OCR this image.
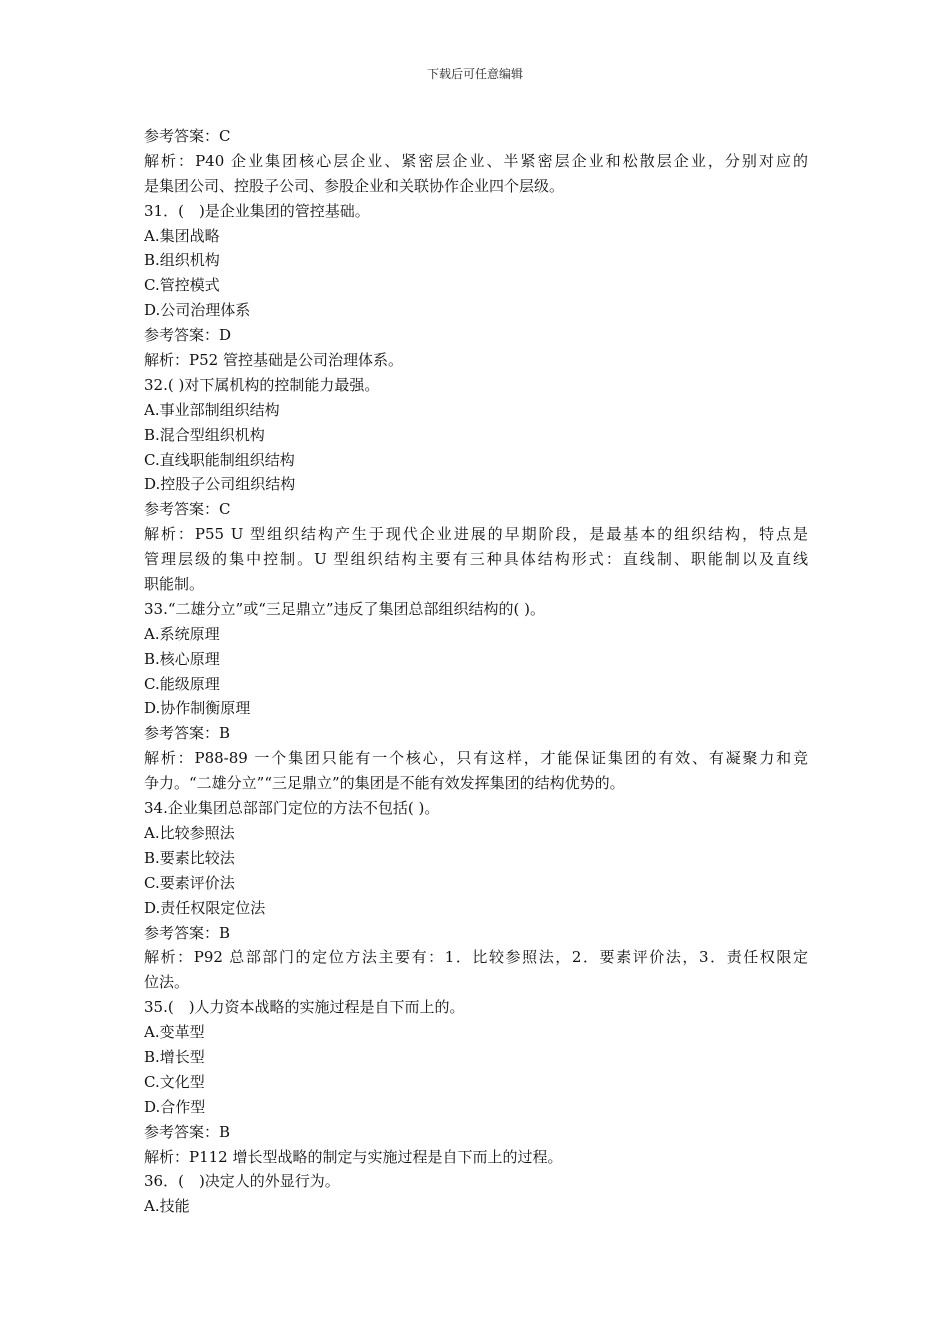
下载后可任意编辑
参考答案：C
解析：P40 企业集团核心层企业、紧密层企业、半紧密层企业和松散层企业，分别对应的
是集团公司、控股子公司、参股企业和关联协作企业四个层级。
31．(　)是企业集团的管控基础。
A.集团战略
B.组织机构
C.管控模式
D.公司治理体系
参考答案：D
解析：P52 管控基础是公司治理体系。
32.( )对下属机构的控制能力最强。
A.事业部制组织结构
B.混合型组织机构
C.直线职能制组织结构
D.控股子公司组织结构
参考答案：C
解析：P55 U 型组织结构产生于现代企业进展的早期阶段，是最基本的组织结构，特点是
管理层级的集中控制。U 型组织结构主要有三种具体结构形式：直线制、职能制以及直线
职能制。
33.“二雄分立”或“三足鼎立”违反了集团总部组织结构的( )。
A.系统原理
B.核心原理
C.能级原理
D.协作制衡原理
参考答案：B
解析：P88-89 一个集团只能有一个核心，只有这样，才能保证集团的有效、有凝聚力和竞
争力。“二雄分立”“三足鼎立”的集团是不能有效发挥集团的结构优势的。
34.企业集团总部部门定位的方法不包括( )。
A.比较参照法
B.要素比较法
C.要素评价法
D.责任权限定位法
参考答案：B
解析：P92 总部部门的定位方法主要有：1．比较参照法，2．要素评价法，3．责任权限定
位法。
35.(　)人力资本战略的实施过程是自下而上的。
A.变革型
B.增长型
C.文化型
D.合作型
参考答案：B
解析：P112 增长型战略的制定与实施过程是自下而上的过程。
36．(　)决定人的外显行为。
A.技能
